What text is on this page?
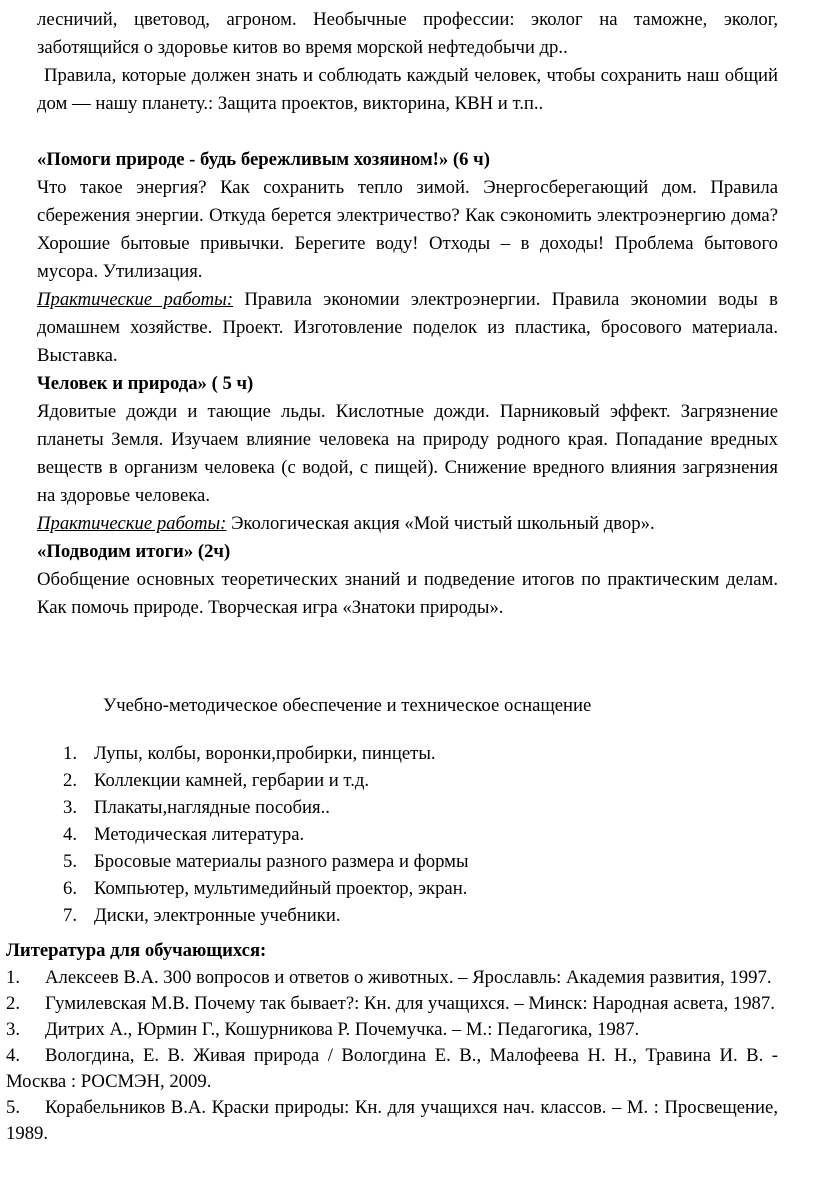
лесничий, цветовод, агроном. Необычные профессии: эколог на таможне, эколог, заботящийся о здоровье китов во время морской нефтедобычи др..

Правила, которые должен знать и соблюдать каждый человек, чтобы сохранить наш общий дом — нашу планету.: Защита проектов, викторина, КВН и т.п..

«Помоги природе - будь бережливым хозяином!» (6 ч)

Что такое энергия? Как сохранить тепло зимой. Энергосберегающий дом. Правила сбережения энергии. Откуда берется электричество? Как сэкономить электроэнергию дома? Хорошие бытовые привычки. Берегите воду! Отходы – в доходы! Проблема бытового мусора. Утилизация.

Практические работы: Правила экономии электроэнергии. Правила экономии воды в домашнем хозяйстве. Проект. Изготовление поделок из пластика, бросового материала. Выставка.

Человек и природа» ( 5 ч)

Ядовитые дожди и тающие льды. Кислотные дожди. Парниковый эффект. Загрязнение планеты Земля. Изучаем влияние человека на природу родного края. Попадание вредных веществ в организм человека (с водой, с пищей). Снижение вредного влияния загрязнения на здоровье человека.

Практические работы: Экологическая акция «Мой чистый школьный двор».

«Подводим итоги» (2ч)

Обобщение основных теоретических знаний и подведение итогов по практическим делам. Как помочь природе. Творческая игра «Знатоки природы».

Учебно-методическое обеспечение и техническое оснащение

1. Лупы, колбы, воронки,пробирки, пинцеты.

2. Коллекции камней, гербарии и т.д.

3. Плакаты,наглядные пособия..

4. Методическая литература.

5. Бросовые материалы разного размера и формы

6. Компьютер, мультимедийный проектор, экран.

7. Диски, электронные учебники.

Литература для обучающихся:

1. Алексеев В.А. 300 вопросов и ответов о животных. – Ярославль: Академия развития, 1997.

2. Гумилевская М.В. Почему так бывает?: Кн. для учащихся. – Минск: Народная асвета, 1987.

3. Дитрих А., Юрмин Г., Кошурникова Р. Почемучка. – М.: Педагогика, 1987.

4. Вологдина, Е. В. Живая природа / Вологдина Е. В., Малофеева Н. Н., Травина И. В. - Москва : РОСМЭН, 2009.

5. Корабельников В.А. Краски природы: Кн. для учащихся нач. классов. – М. : Просвещение, 1989.
